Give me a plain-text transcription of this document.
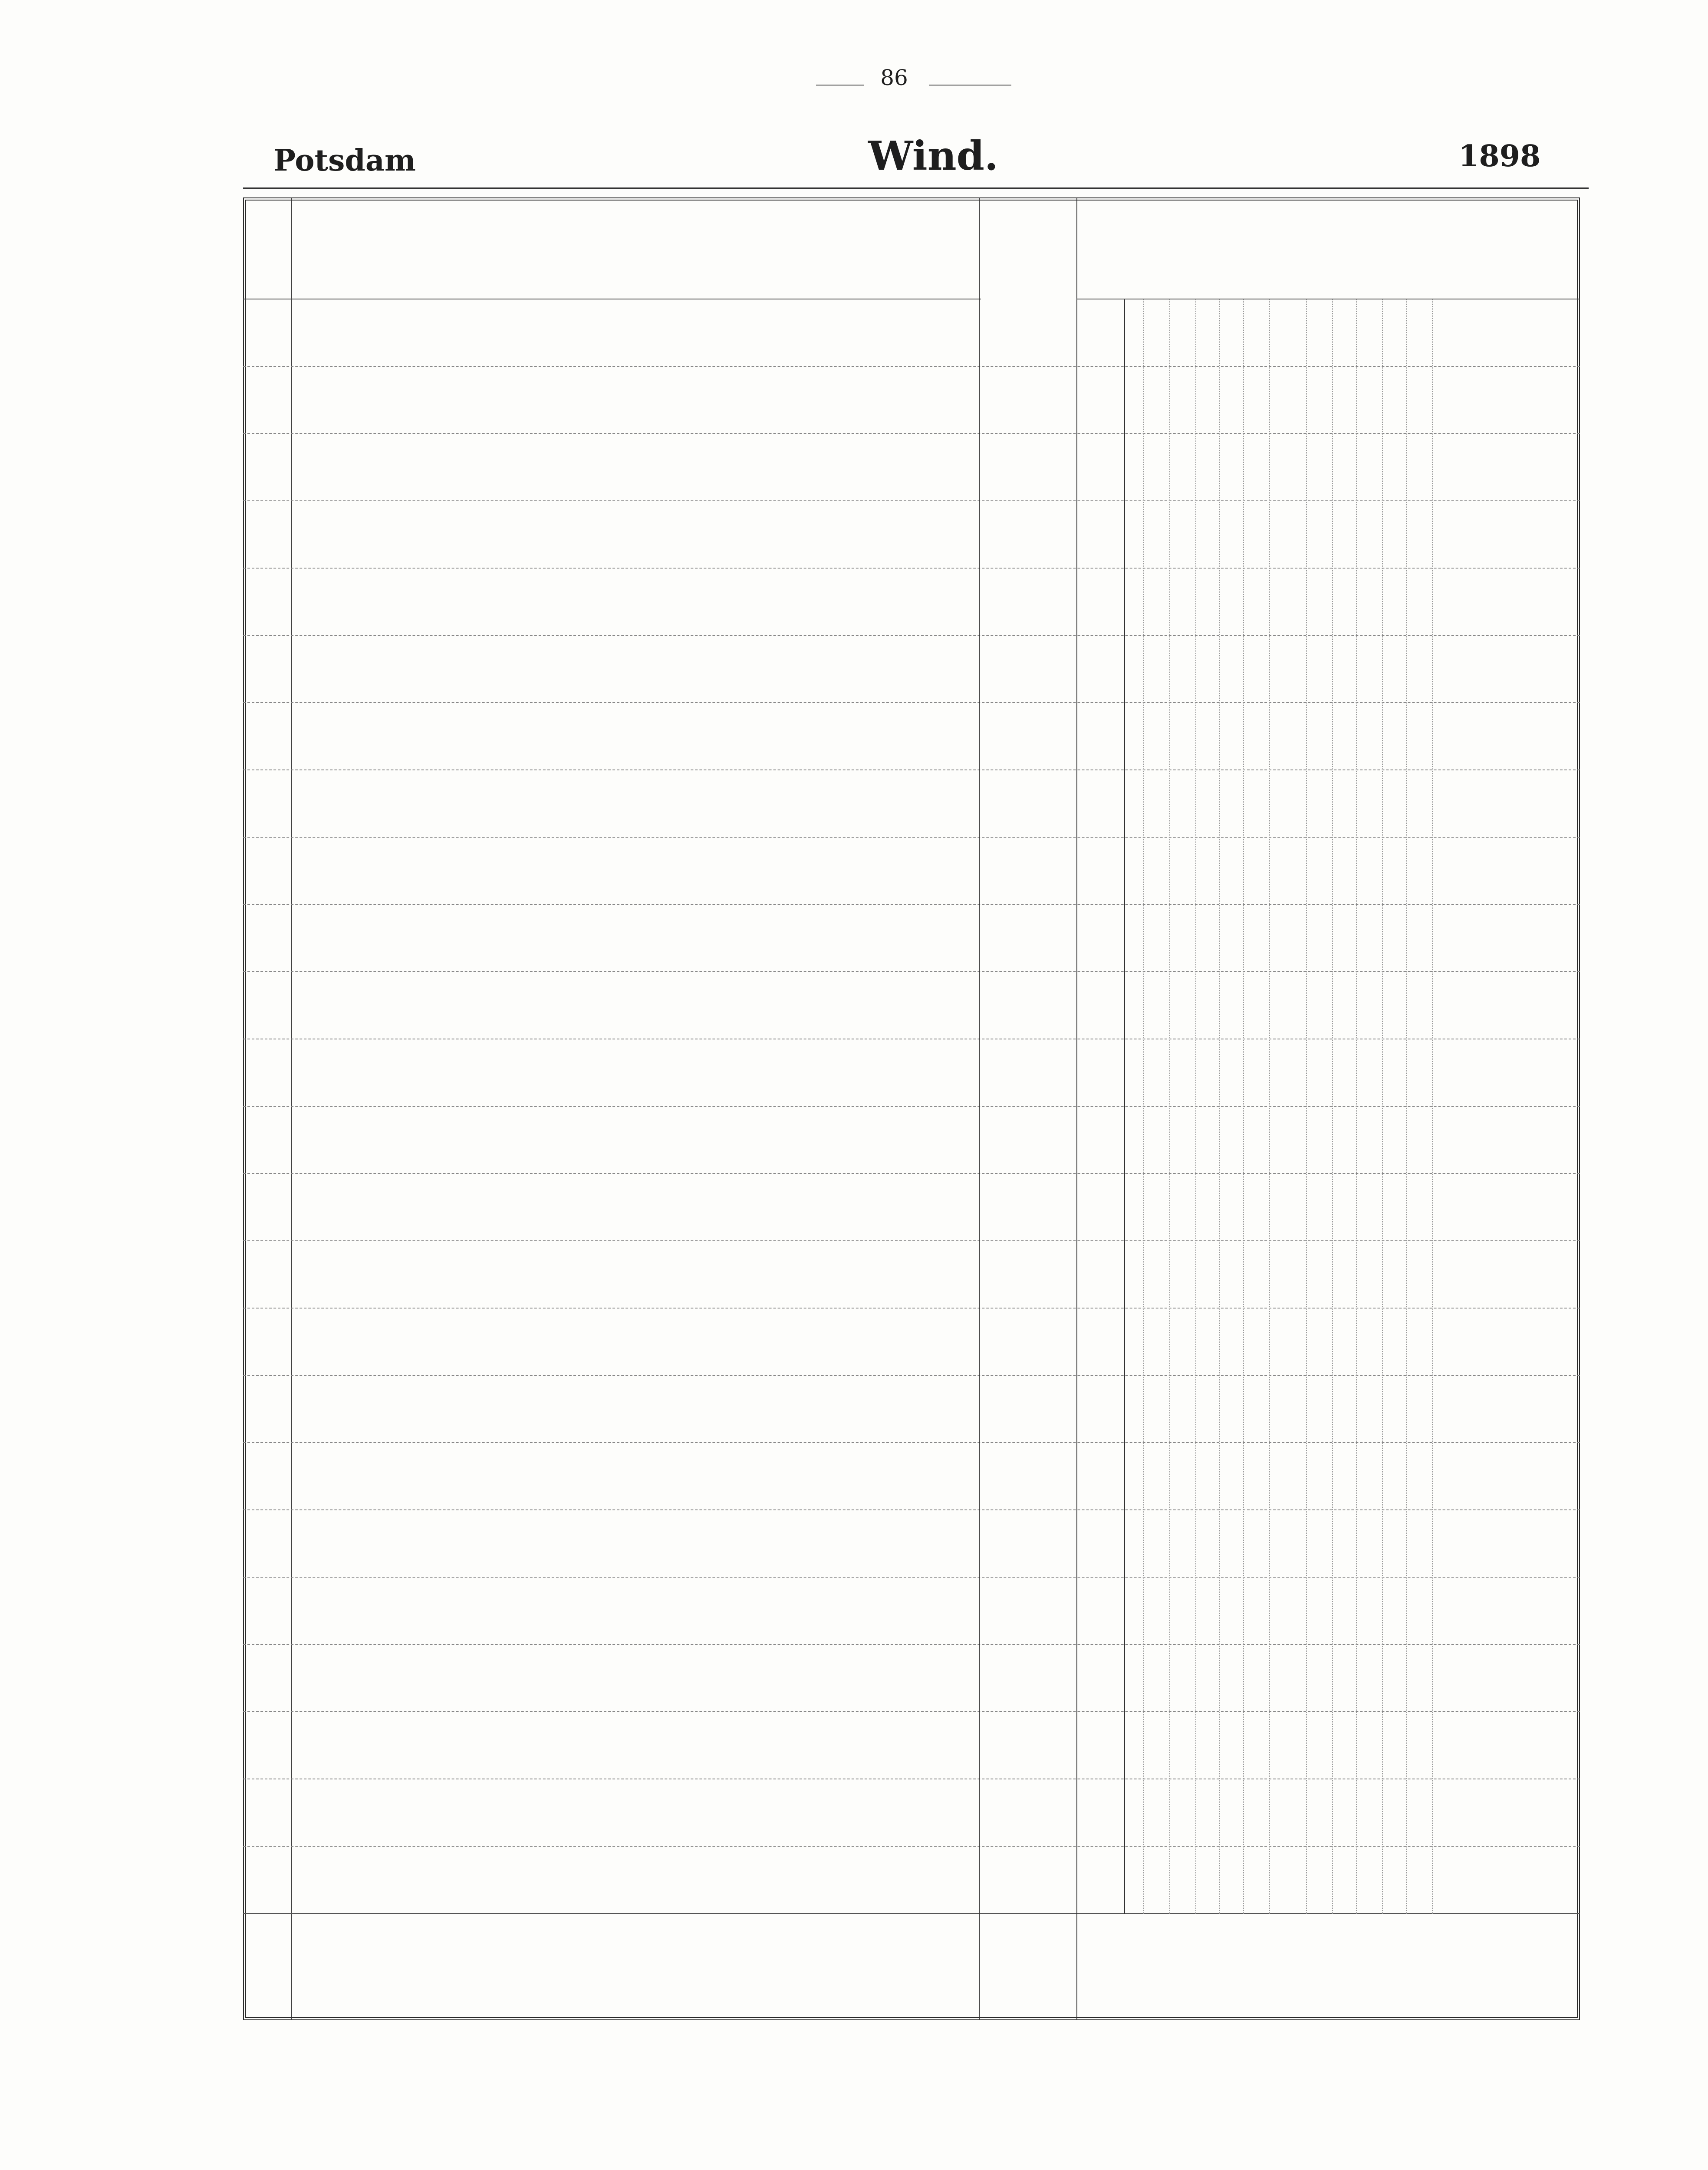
86
Potsdam	Wind.	1898
